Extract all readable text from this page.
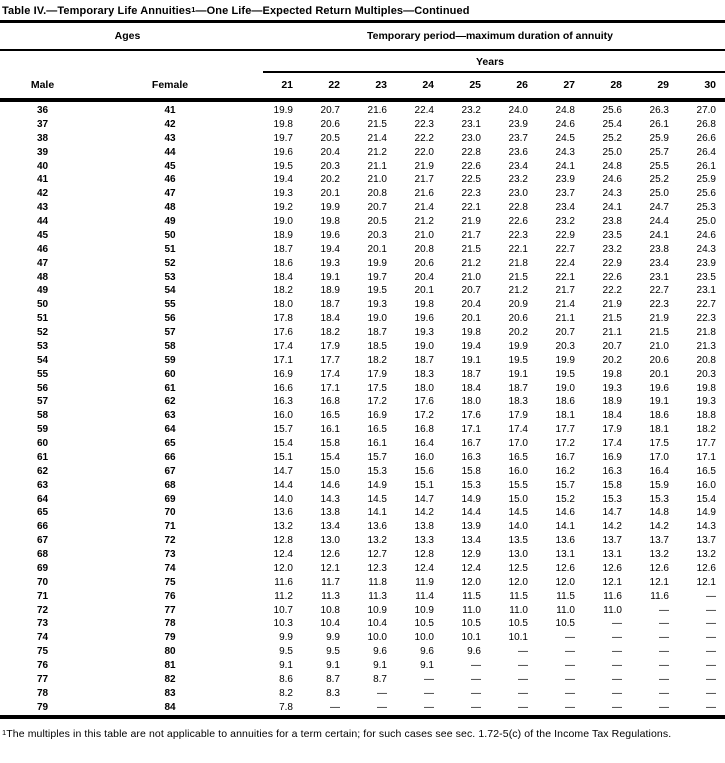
Table IV.—Temporary Life Annuities$^1$—One Life—Expected Return Multiples—Continued
Ages	Temporary period—maximum duration of annuity
Years
Male	Female	21	22	23	24	25	26	27	28	29	30
36	41	19.9	20.7	21.6	22.4	23.2	24.0	24.8	25.6	26.3	27.0
37	42	19.8	20.6	21.5	22.3	23.1	23.9	24.6	25.4	26.1	26.8
38	43	19.7	20.5	21.4	22.2	23.0	23.7	24.5	25.2	25.9	26.6
39	44	19.6	20.4	21.2	22.0	22.8	23.6	24.3	25.0	25.7	26.4
40	45	19.5	20.3	21.1	21.9	22.6	23.4	24.1	24.8	25.5	26.1
41	46	19.4	20.2	21.0	21.7	22.5	23.2	23.9	24.6	25.2	25.9
42	47	19.3	20.1	20.8	21.6	22.3	23.0	23.7	24.3	25.0	25.6
43	48	19.2	19.9	20.7	21.4	22.1	22.8	23.4	24.1	24.7	25.3
44	49	19.0	19.8	20.5	21.2	21.9	22.6	23.2	23.8	24.4	25.0
45	50	18.9	19.6	20.3	21.0	21.7	22.3	22.9	23.5	24.1	24.6
46	51	18.7	19.4	20.1	20.8	21.5	22.1	22.7	23.2	23.8	24.3
47	52	18.6	19.3	19.9	20.6	21.2	21.8	22.4	22.9	23.4	23.9
48	53	18.4	19.1	19.7	20.4	21.0	21.5	22.1	22.6	23.1	23.5
49	54	18.2	18.9	19.5	20.1	20.7	21.2	21.7	22.2	22.7	23.1
50	55	18.0	18.7	19.3	19.8	20.4	20.9	21.4	21.9	22.3	22.7
51	56	17.8	18.4	19.0	19.6	20.1	20.6	21.1	21.5	21.9	22.3
52	57	17.6	18.2	18.7	19.3	19.8	20.2	20.7	21.1	21.5	21.8
53	58	17.4	17.9	18.5	19.0	19.4	19.9	20.3	20.7	21.0	21.3
54	59	17.1	17.7	18.2	18.7	19.1	19.5	19.9	20.2	20.6	20.8
55	60	16.9	17.4	17.9	18.3	18.7	19.1	19.5	19.8	20.1	20.3
56	61	16.6	17.1	17.5	18.0	18.4	18.7	19.0	19.3	19.6	19.8
57	62	16.3	16.8	17.2	17.6	18.0	18.3	18.6	18.9	19.1	19.3
58	63	16.0	16.5	16.9	17.2	17.6	17.9	18.1	18.4	18.6	18.8
59	64	15.7	16.1	16.5	16.8	17.1	17.4	17.7	17.9	18.1	18.2
60	65	15.4	15.8	16.1	16.4	16.7	17.0	17.2	17.4	17.5	17.7
61	66	15.1	15.4	15.7	16.0	16.3	16.5	16.7	16.9	17.0	17.1
62	67	14.7	15.0	15.3	15.6	15.8	16.0	16.2	16.3	16.4	16.5
63	68	14.4	14.6	14.9	15.1	15.3	15.5	15.7	15.8	15.9	16.0
64	69	14.0	14.3	14.5	14.7	14.9	15.0	15.2	15.3	15.3	15.4
65	70	13.6	13.8	14.1	14.2	14.4	14.5	14.6	14.7	14.8	14.9
66	71	13.2	13.4	13.6	13.8	13.9	14.0	14.1	14.2	14.2	14.3
67	72	12.8	13.0	13.2	13.3	13.4	13.5	13.6	13.7	13.7	13.7
68	73	12.4	12.6	12.7	12.8	12.9	13.0	13.1	13.1	13.2	13.2
69	74	12.0	12.1	12.3	12.4	12.4	12.5	12.6	12.6	12.6	12.6
70	75	11.6	11.7	11.8	11.9	12.0	12.0	12.0	12.1	12.1	12.1
71	76	11.2	11.3	11.3	11.4	11.5	11.5	11.5	11.6	11.6	—
72	77	10.7	10.8	10.9	10.9	11.0	11.0	11.0	11.0	—	—
73	78	10.3	10.4	10.4	10.5	10.5	10.5	10.5	—	—	—
74	79	9.9	9.9	10.0	10.0	10.1	10.1	—	—	—	—
75	80	9.5	9.5	9.6	9.6	9.6	—	—	—	—	—
76	81	9.1	9.1	9.1	9.1	—	—	—	—	—	—
77	82	8.6	8.7	8.7	—	—	—	—	—	—	—
78	83	8.2	8.3	—	—	—	—	—	—	—	—
79	84	7.8	—	—	—	—	—	—	—	—	—
$^1$The multiples in this table are not applicable to annuities for a term certain; for such cases see sec. 1.72-5(c) of the Income Tax Regulations.
